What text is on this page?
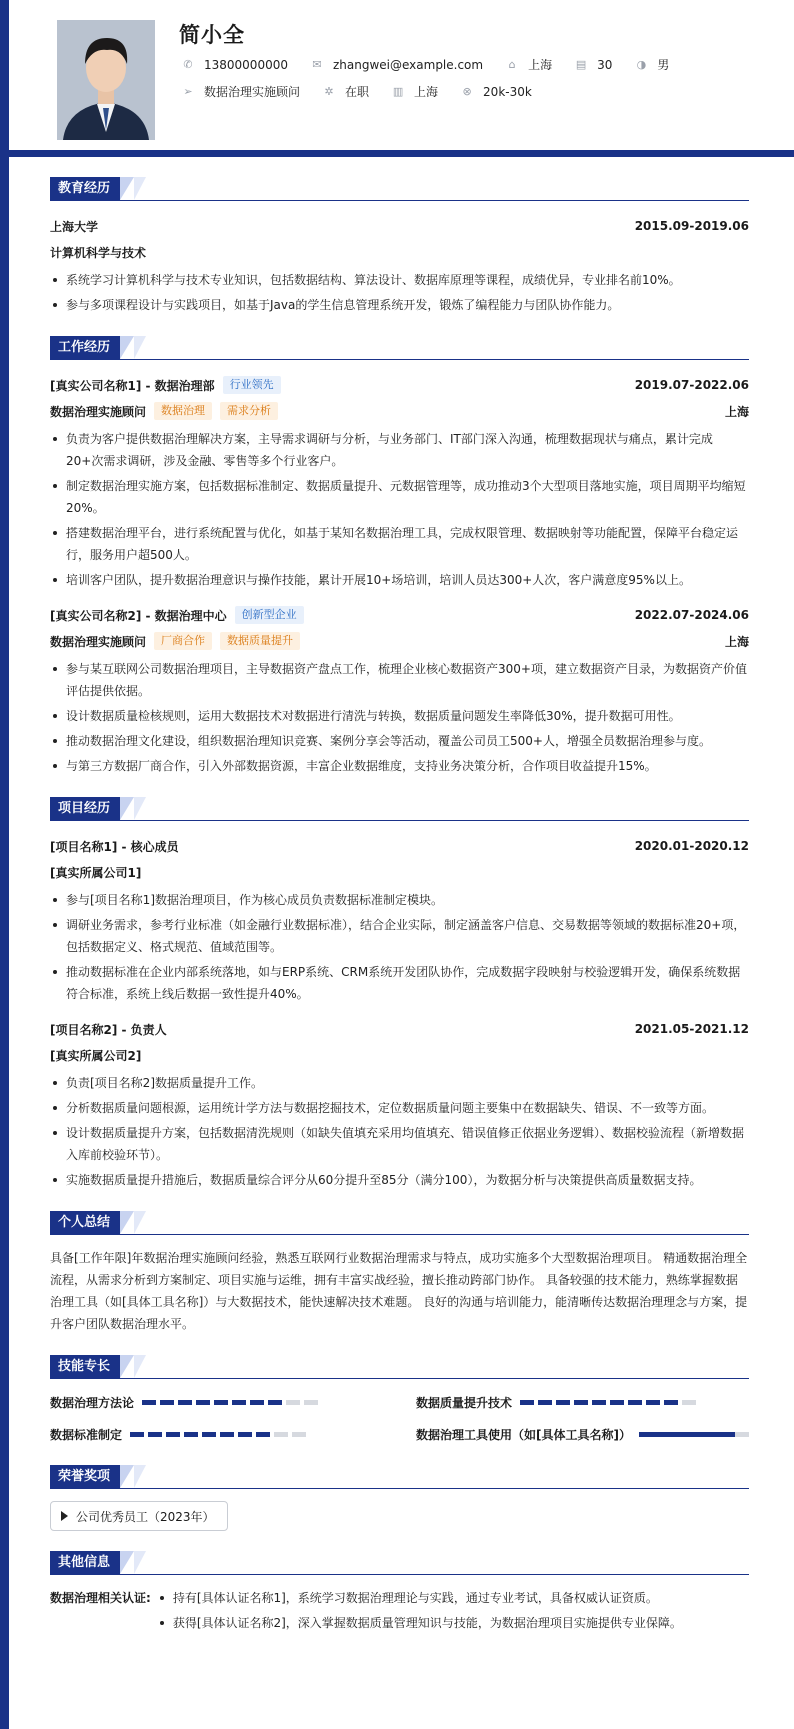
简小全
✆ 13800000000 ✉ zhangwei@example.com	⌂ 上海 ▤ 30 ◑ 男
➢ 数据治理实施顾问 ✲ 在职 ▥ 上海 ⊗ 20k-30k
教育经历
上海大学	2015.09-2019.06
计算机科学与技术
系统学习计算机科学与技术专业知识，包括数据结构、算法设计、数据库原理等课程，成绩优异，专业排名前10%。
参与多项课程设计与实践项目，如基于Java的学生信息管理系统开发，锻炼了编程能力与团队协作能力。
工作经历
[真实公司名称1] - 数据治理部	行业领先	2019.07-2022.06
数据治理实施顾问	数据治理	需求分析	上海
负责为客户提供数据治理解决方案，主导需求调研与分析，与业务部门、IT部门深入沟通，梳理数据现状与痛点，累计完成20+次需求调研，涉及金融、零售等多个行业客户。
制定数据治理实施方案，包括数据标准制定、数据质量提升、元数据管理等，成功推动3个大型项目落地实施，项目周期平均缩短20%。
搭建数据治理平台，进行系统配置与优化，如基于某知名数据治理工具，完成权限管理、数据映射等功能配置，保障平台稳定运行，服务用户超500人。
培训客户团队，提升数据治理意识与操作技能，累计开展10+场培训，培训人员达300+人次，客户满意度95%以上。
[真实公司名称2] - 数据治理中心	创新型企业	2022.07-2024.06
数据治理实施顾问	厂商合作	数据质量提升	上海
参与某互联网公司数据治理项目，主导数据资产盘点工作，梳理企业核心数据资产300+项，建立数据资产目录，为数据资产价值评估提供依据。
设计数据质量检核规则，运用大数据技术对数据进行清洗与转换，数据质量问题发生率降低30%，提升数据可用性。
推动数据治理文化建设，组织数据治理知识竞赛、案例分享会等活动，覆盖公司员工500+人，增强全员数据治理参与度。
与第三方数据厂商合作，引入外部数据资源，丰富企业数据维度，支持业务决策分析，合作项目收益提升15%。
项目经历
[项目名称1] - 核心成员	2020.01-2020.12
[真实所属公司1]
参与[项目名称1]数据治理项目，作为核心成员负责数据标准制定模块。
调研业务需求，参考行业标准（如金融行业数据标准），结合企业实际，制定涵盖客户信息、交易数据等领域的数据标准20+项，包括数据定义、格式规范、值域范围等。
推动数据标准在企业内部系统落地，如与ERP系统、CRM系统开发团队协作，完成数据字段映射与校验逻辑开发，确保系统数据符合标准，系统上线后数据一致性提升40%。
[项目名称2] - 负责人	2021.05-2021.12
[真实所属公司2]
负责[项目名称2]数据质量提升工作。
分析数据质量问题根源，运用统计学方法与数据挖掘技术，定位数据质量问题主要集中在数据缺失、错误、不一致等方面。
设计数据质量提升方案，包括数据清洗规则（如缺失值填充采用均值填充、错误值修正依据业务逻辑）、数据校验流程（新增数据入库前校验环节）。
实施数据质量提升措施后，数据质量综合评分从60分提升至85分（满分100），为数据分析与决策提供高质量数据支持。
个人总结
具备[工作年限]年数据治理实施顾问经验，熟悉互联网行业数据治理需求与特点，成功实施多个大型数据治理项目。 精通数据治理全流程，从需求分析到方案制定、项目实施与运维，拥有丰富实战经验，擅长推动跨部门协作。 具备较强的技术能力，熟练掌握数据治理工具（如[具体工具名称]）与大数据技术，能快速解决技术难题。 良好的沟通与培训能力，能清晰传达数据治理理念与方案，提升客户团队数据治理水平。
技能专长
数据治理方法论	数据质量提升技术
数据标准制定	数据治理工具使用（如[具体工具名称]）
荣誉奖项
公司优秀员工（2023年）
其他信息
数据治理相关认证:	持有[具体认证名称1]，系统学习数据治理理论与实践，通过专业考试，具备权威认证资质。
获得[具体认证名称2]，深入掌握数据质量管理知识与技能，为数据治理项目实施提供专业保障。
